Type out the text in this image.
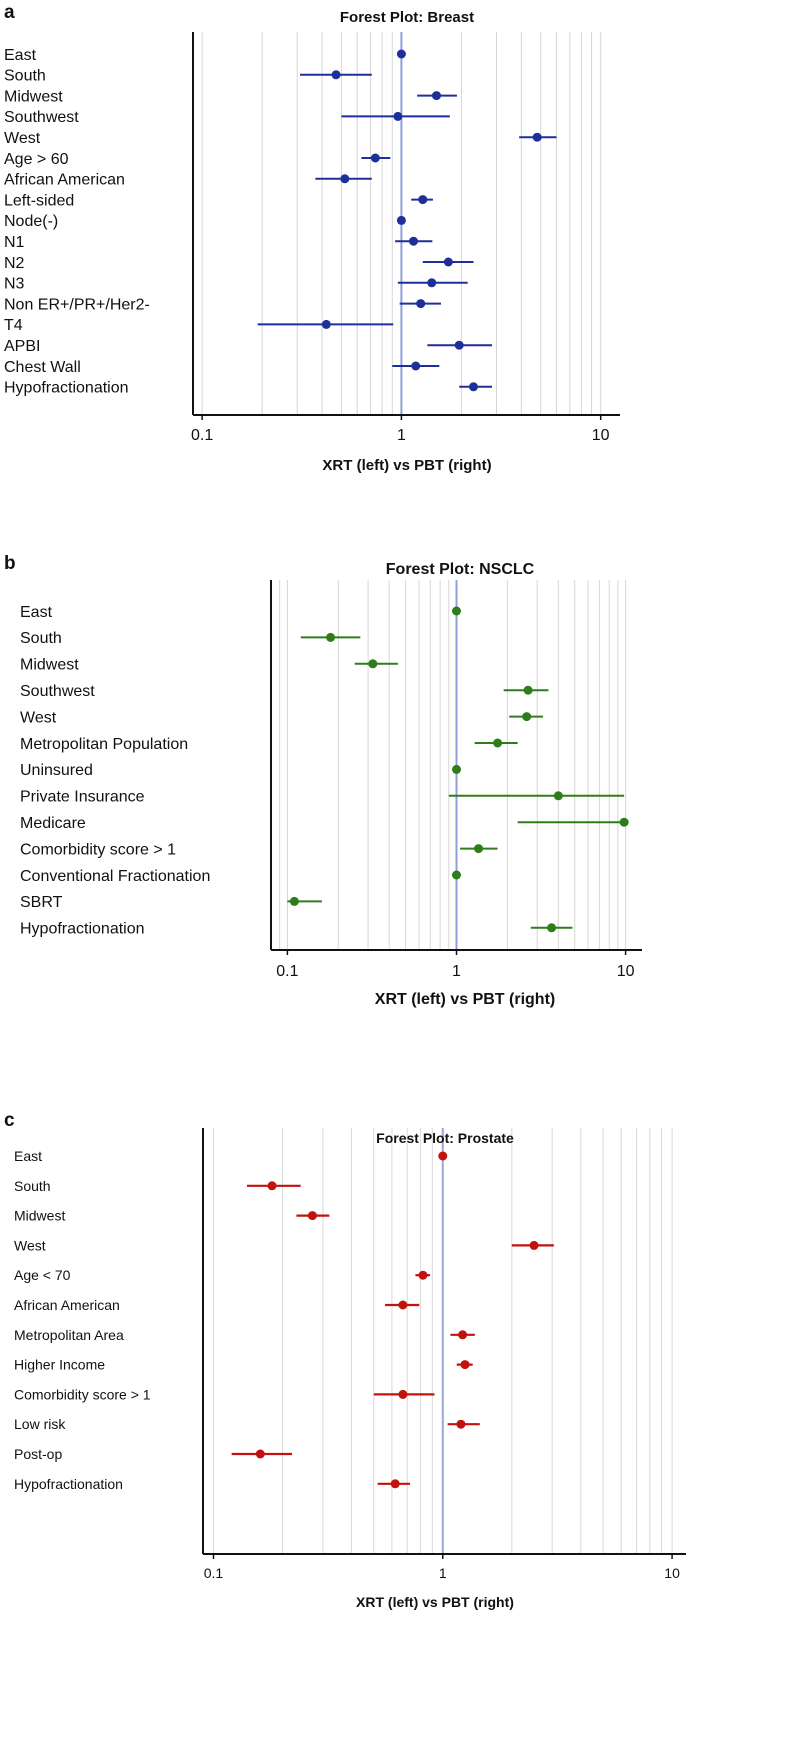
a	Forest Plot: Breast
0.1	1	10
XRT (left) vs PBT (right)
East
South
Midwest
Southwest
West
Age > 60
African American
Left-sided
Node(-)
N1
N2
N3
Non ER+/PR+/Her2-
T4
APBI
Chest Wall
Hypofractionation
b	Forest Plot: NSCLC
0.1	1	10
XRT (left) vs PBT (right)
East
South
Midwest
Southwest
West
Metropolitan Population
Uninsured
Private Insurance
Medicare
Comorbidity score > 1
Conventional Fractionation
SBRT
Hypofractionation
c
Forest Plot: Prostate
0.1	1	10
XRT (left) vs PBT (right)
East
South
Midwest
West
Age < 70
African American
Metropolitan Area
Higher Income
Comorbidity score > 1
Low risk
Post-op
Hypofractionation
